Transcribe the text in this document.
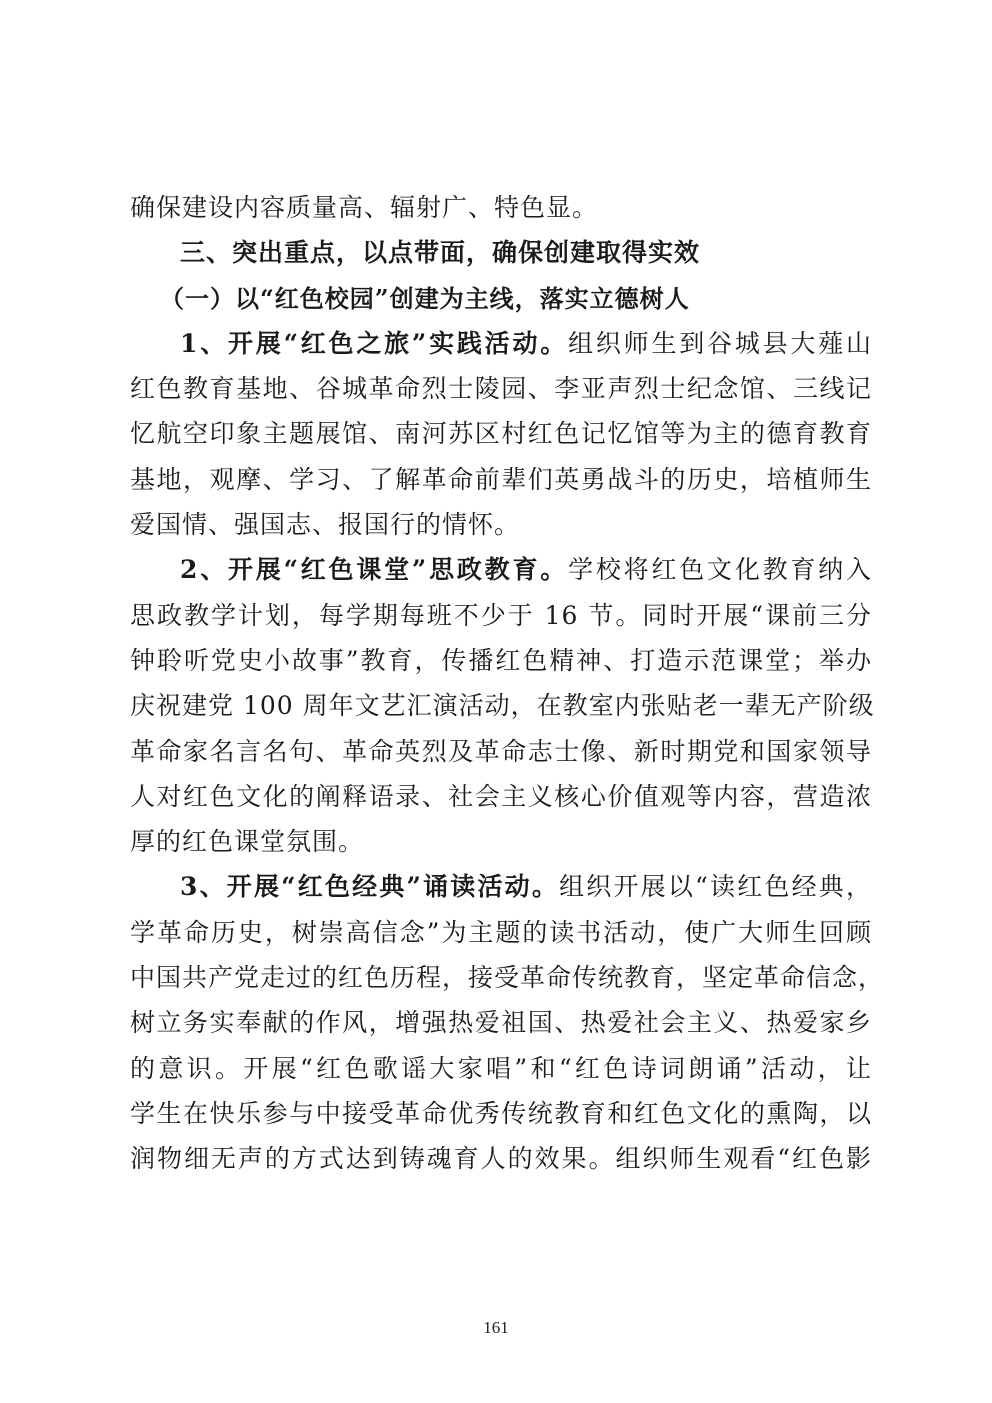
确保建设内容质量高、辐射广、特色显。
三、突出重点，以点带面，确保创建取得实效
（一）以“红色校园”创建为主线，落实立德树人
1、开展“红色之旅”实践活动。组织师生到谷城县大薤山
红色教育基地、谷城革命烈士陵园、李亚声烈士纪念馆、三线记
忆航空印象主题展馆、南河苏区村红色记忆馆等为主的德育教育
基地，观摩、学习、了解革命前辈们英勇战斗的历史，培植师生
爱国情、强国志、报国行的情怀。
2、开展“红色课堂”思政教育。学校将红色文化教育纳入
思政教学计划，每学期每班不少于 16 节。同时开展“课前三分
钟聆听党史小故事”教育，传播红色精神、打造示范课堂；举办
庆祝建党 100 周年文艺汇演活动，在教室内张贴老一辈无产阶级
革命家名言名句、革命英烈及革命志士像、新时期党和国家领导
人对红色文化的阐释语录、社会主义核心价值观等内容，营造浓
厚的红色课堂氛围。
3、开展“红色经典”诵读活动。组织开展以“读红色经典，
学革命历史，树崇高信念”为主题的读书活动，使广大师生回顾
中国共产党走过的红色历程，接受革命传统教育，坚定革命信念，
树立务实奉献的作风，增强热爱祖国、热爱社会主义、热爱家乡
的意识。开展“红色歌谣大家唱”和“红色诗词朗诵”活动，让
学生在快乐参与中接受革命优秀传统教育和红色文化的熏陶，以
润物细无声的方式达到铸魂育人的效果。组织师生观看“红色影
161
